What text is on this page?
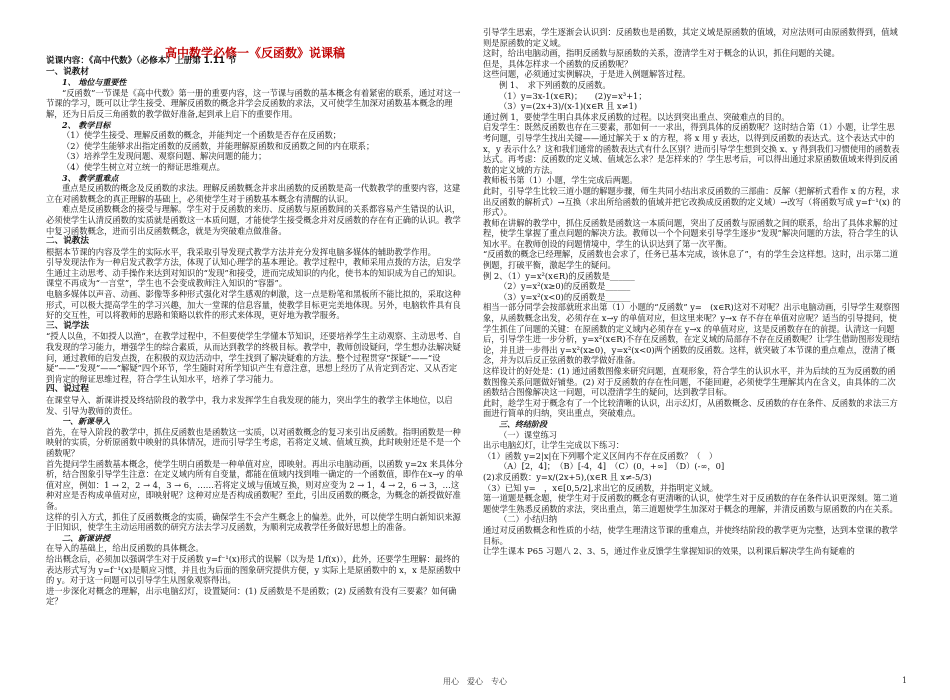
高中数学必修一《反函数》说课稿
说课内容：《高中代数》（必修本）上册第 1.11 节
一、说教材
1、 地位与重要性
“反函数”一节课是《高中代数》第一册的重要内容，这一节课与函数的基本概念有着紧密的联系，通过对这一节课的学习，既可以让学生接受、理解反函数的概念并学会反函数的求法，又可使学生加深对函数基本概念的理解，还为日后反三角函数的教学做好准备,起到承上启下的重要作用。
2、 教学目标
（1）使学生接受、理解反函数的概念，并能判定一个函数是否存在反函数；
（2）使学生能够求出指定函数的反函数，并能理解原函数和反函数之间的内在联系；
（3）培养学生发现问题、观察问题、解决问题的能力；
（4）使学生树立对立统一的辩证思维观点。
3、 教学重难点
重点是反函数的概念及反函数的求法。理解反函数概念并求出函数的反函数是高一代数教学的重要内容，这建立在对函数概念的真正理解的基础上，必须使学生对于函数基本概念有清醒的认识。
难点是反函数概念的接受与理解。学生对于反函数的来历、反函数与原函数间的关系都容易产生错误的认识，必须使学生认清反函数的实质就是函数这一本质问题，才能使学生接受概念并对反函数的存在有正确的认识。教学中复习函数概念，进而引出反函数概念，就是为突破难点做准备。
二、说教法
根据本节课的内容及学生的实际水平，我采取引导发现式教学方法并充分发挥电脑多媒体的辅助教学作用。
引导发现法作为一种启发式教学方法，体现了认知心理学的基本理论。教学过程中，教师采用点拨的方法，启发学生通过主动思考、动手操作来达到对知识的“发现”和接受，进而完成知识的内化，使书本的知识成为自己的知识。课堂不再成为“一言堂”，学生也不会变成教师注入知识的“容器”。
电脑多媒体以声音、动画、影像等多种形式强化对学生感观的刺激，这一点是粉笔和黑板所不能比拟的，采取这种形式，可以极大提高学生的学习兴趣，加大一堂课的信息容量，使教学目标更完美地体现。另外，电脑软件具有良好的交互性，可以将教师的思路和策略以软件的形式来体现，更好地为教学服务。
三、说学法
“授人以鱼，不如授人以渔”，在教学过程中，不但要使学生学懂本节知识，还要培养学生主动观察、主动思考、自我发现的学习能力，增强学生的综合素质，从而达到教学的终极目标。教学中，教师创设疑问，学生想办法解决疑问，通过教师的启发点拨，在积极的双边活动中，学生找到了解决疑难的方法。整个过程贯穿“探疑”——“设疑”——“发现”——“解疑”四个环节，学生随时对所学知识产生有意注意，思想上经历了从肯定到否定、又从否定到肯定的辩证思维过程，符合学生认知水平，培养了学习能力。
四、说过程
在课堂导入、新课讲授及终结阶段的教学中，我力求发挥学生自我发现的能力，突出学生的教学主体地位，以启发、引导为教师的责任。
一、新课导入
首先，在导入阶段的教学中，抓住反函数也是函数这一实质，以对函数概念的复习来引出反函数。指明函数是一种映射的实质，分析原函数中映射的具体情况，进而引导学生考虑，若将定义域、值域互换，此时映射还是不是一个函数呢？
首先提问学生函数基本概念，使学生明白函数是一种单值对应，即映射。再出示电脑动画，以函数 y=2x 来具体分析，结合图象引导学生注意：在定义域内所有自变量，都能在值域内找到唯一确定的一个函数值，即作在x→y 的单值对应，例如：1 → 2，2 → 4，3 → 6，……若将定义域与值域互换，则对应变为 2 → 1，4 → 2，6 → 3，…这种对应是否构成单值对应，即映射呢？这种对应是否构成函数呢？至此，引出反函数的概念，为概念的新授做好准备。
这样的引入方式，抓住了反函数概念的实质，确保学生不会产生概念上的偏差。此外，可以使学生明白新知识来源于旧知识，使学生主动运用函数的研究方法去学习反函数，为顺利完成教学任务做好思想上的准备。
二、新课讲授
在导入的基础上，给出反函数的具体概念。
给出概念后，必须加以强调学生对于反函数 y=f⁻¹(x)形式的误解（以为是 1/f(x)），此外，还要学生理解：最终的表达形式写为 y=f⁻¹(x)是顺应习惯，并且也为后面的图象研究提供方便，y 实际上是原函数中的 x，x 是原函数中的 y。对于这一问题可以引导学生从图象观察得出。
进一步深化对概念的理解，出示电脑幻灯，设置疑问：(1) 反函数是不是函数；(2) 反函数有没有三要素？如何确定？
引导学生思索，学生逐渐会认识到：反函数也是函数，其定义域是原函数的值域，对应法则可由原函数得到，值域则是原函数的定义域。
这时，给出电脑动画，指明反函数与原函数的关系，澄清学生对于概念的认识，抓住问题的关键。
但是，具体怎样求一个函数的反函数呢？
这些问题，必须通过实例解决，于是进入例题解答过程。
例 1、　求下列函数的反函数。
（1）y=3x-1(x∈R)；　　(2)y=x³+1；
（3）y=(2x+3)/(x-1)(x∈R 且 x≠1)
通过例 1，要使学生明白具体求反函数的过程。以达到突出重点、突破难点的目的。
启发学生：既然反函数也存在三要素，那如何一一求出，得到具体的反函数呢？这时结合第（1）小题，让学生思考问题，引导学生找出关键——通过解关于 x 的方程，将 x 用 y 表达，以得到反函数的表达式。这个表达式中的 x，y 表示什么？这和我们通常的函数表达式有什么区别？进而引导学生想到交换 x、y 得到我们习惯使用的函数表达式。再考虑：反函数的定义域、值域怎么求？是怎样来的？学生思考后，可以得出通过求原函数值域来得到反函数的定义域的方法。
教师板书第（1）小题，学生完成后两题。
此时，引导学生比较三道小题的解题步骤，师生共同小结出求反函数的三部曲：反解（把解析式看作 x 的方程，求出反函数的解析式）→互换（求出所给函数的值域并把它改换成反函数的定义域）→改写（将函数写成 y=f⁻¹(x) 的形式）。
教师在讲解的教学中，抓住反函数是函数这一本质问题，突出了反函数与原函数之间的联系，给出了具体求解的过程，使学生掌握了重点问题的解决方法。教师以一个个问题来引导学生逐步“发现”解决问题的方法，符合学生的认知水平。在教师创设的问题情境中，学生的认识达到了第一次平衡。
“反函数的概念已经理解，反函数也会求了，任务已基本完成，该休息了”，有的学生会这样想。这时，出示第二道例题，打破平衡，激起学生的疑问。
例 2、（1）y=x²(x∈R)的反函数是______
（2）y=x²(x≥0)的反函数是______
（3）y=x²(x<0)的反函数是______
相当一部分同学会按部就班求出第（1）小题的“反函数” y=　(x∈R)这对不对呢？出示电脑动画，引导学生观察图象，从函数概念出发，必须存在 x→y 的单值对应，但这里来呢？y→x 存不存在单值对应呢？适当的引导提问，使学生抓住了问题的关键：在原函数的定义域内必须存在 y→x 的单值对应，这是反函数存在的前提。认清这一问题后，引导学生进一步分析，y=x²(x∈R)不存在反函数，在定义域的局部存不存在反函数呢？让学生借助图形发现结论，并且进一步得出 y=x²(x≥0)，y=x²(x<0)两个函数的反函数。这样，就突破了本节课的重点难点，澄清了概念，并为以后反正弦函数的教学做好准备。
这样设计的好处是：(1) 通过函数图像来研究问题，直观形象，符合学生的认识水平，并为后续的互为反函数的函数图像关系问题做好铺垫。(2) 对于反函数的存在性问题，不能回避，必须使学生理解其内在含义，由具体的二次函数结合图像解决这一问题，可以澄清学生的疑问，达到教学目标。
此时，趁学生对于概念有了一个比较清晰的认识，出示幻灯，从函数概念、反函数的存在条件、反函数的求法三方面进行简单的归纳，突出重点，突破难点。
三、终结阶段
（一）课堂练习
出示电脑幻灯，让学生完成以下练习：
（1）函数 y=2|x|在下列哪个定义区间内不存在反函数？（　）
（A）[2，4]；　（B）[-4，4]　（C）(0，+∞]　（D）(-∞，0]
(2)求反函数：y=x/(2x+5),(x∈R 且 x≠-5/3)
（3）已知 y=　，x∈[0,5/2],求出它的反函数，并指明定义域。
第一道题是概念题，使学生对于反函数的概念有更清晰的认识，使学生对于反函数的存在条件认识更深刻。第二道题使学生熟悉反函数的求法，突出重点，第三道题使学生加深对于概念的理解，并清反函数与原函数的内在关系。
（二）小结归纳
通过对反函数概念和性质的小结，使学生理清这节课的重难点，并使终结阶段的教学更为完整，达到本堂课的教学目标。
让学生课本 P65 习题八 2、3、5，通过作业反馈学生掌握知识的效果，以利课后解决学生尚有疑难的
用心　爱心　专心	1
